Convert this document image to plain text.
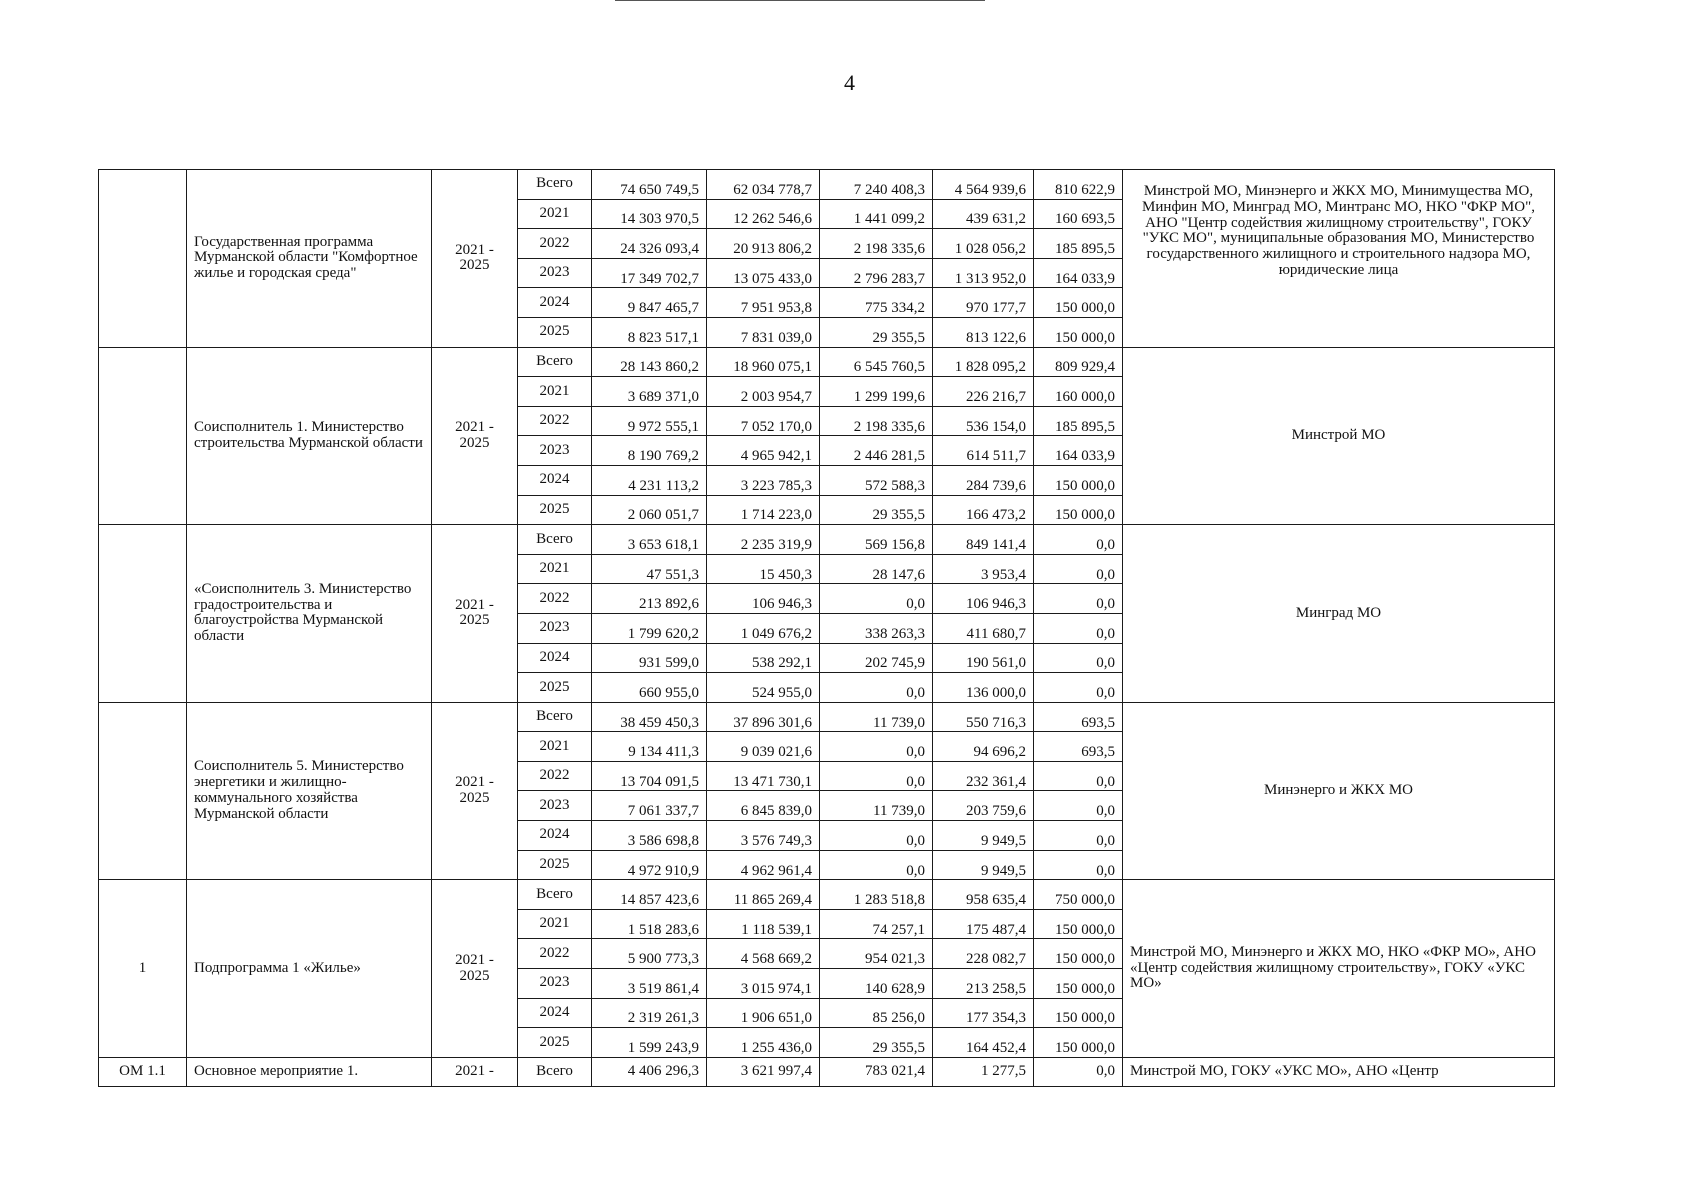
4
	Государственная программа Мурманской области "Комфортное жилье и городская среда"	2021 - 2025	Всего	74 650 749,5	62 034 778,7	7 240 408,3	4 564 939,6	810 622,9	Минстрой МО, Минэнерго и ЖКХ МО, Минимущества МО, Минфин МО, Минград МО, Минтранс МО, НКО "ФКР МО", АНО "Центр содействия жилищному строительству", ГОКУ "УКС МО", муниципальные образования МО, Министерство государственного жилищного и строительного надзора МО, юридические лица
			2021	14 303 970,5	12 262 546,6	1 441 099,2	439 631,2	160 693,5	
			2022	24 326 093,4	20 913 806,2	2 198 335,6	1 028 056,2	185 895,5	
			2023	17 349 702,7	13 075 433,0	2 796 283,7	1 313 952,0	164 033,9	
			2024	9 847 465,7	7 951 953,8	775 334,2	970 177,7	150 000,0	
			2025	8 823 517,1	7 831 039,0	29 355,5	813 122,6	150 000,0	
	Соисполнитель 1. Министерство строительства Мурманской области	2021 - 2025	Всего	28 143 860,2	18 960 075,1	6 545 760,5	1 828 095,2	809 929,4	Минстрой МО
			2021	3 689 371,0	2 003 954,7	1 299 199,6	226 216,7	160 000,0	
			2022	9 972 555,1	7 052 170,0	2 198 335,6	536 154,0	185 895,5	
			2023	8 190 769,2	4 965 942,1	2 446 281,5	614 511,7	164 033,9	
			2024	4 231 113,2	3 223 785,3	572 588,3	284 739,6	150 000,0	
			2025	2 060 051,7	1 714 223,0	29 355,5	166 473,2	150 000,0	
	«Соисполнитель 3. Министерство градостроительства и благоустройства Мурманской области	2021 - 2025	Всего	3 653 618,1	2 235 319,9	569 156,8	849 141,4	0,0	Минград МО
			2021	47 551,3	15 450,3	28 147,6	3 953,4	0,0	
			2022	213 892,6	106 946,3	0,0	106 946,3	0,0	
			2023	1 799 620,2	1 049 676,2	338 263,3	411 680,7	0,0	
			2024	931 599,0	538 292,1	202 745,9	190 561,0	0,0	
			2025	660 955,0	524 955,0	0,0	136 000,0	0,0	
	Соисполнитель 5. Министерство энергетики и жилищно-коммунального хозяйства Мурманской области	2021 - 2025	Всего	38 459 450,3	37 896 301,6	11 739,0	550 716,3	693,5	Минэнерго и ЖКХ МО
			2021	9 134 411,3	9 039 021,6	0,0	94 696,2	693,5	
			2022	13 704 091,5	13 471 730,1	0,0	232 361,4	0,0	
			2023	7 061 337,7	6 845 839,0	11 739,0	203 759,6	0,0	
			2024	3 586 698,8	3 576 749,3	0,0	9 949,5	0,0	
			2025	4 972 910,9	4 962 961,4	0,0	9 949,5	0,0	
1	Подпрограмма 1 «Жилье»	2021 - 2025	Всего	14 857 423,6	11 865 269,4	1 283 518,8	958 635,4	750 000,0	Минстрой МО, Минэнерго и ЖКХ МО, НКО «ФКР МО», АНО «Центр содействия жилищному строительству», ГОКУ «УКС МО»
			2021	1 518 283,6	1 118 539,1	74 257,1	175 487,4	150 000,0	
			2022	5 900 773,3	4 568 669,2	954 021,3	228 082,7	150 000,0	
			2023	3 519 861,4	3 015 974,1	140 628,9	213 258,5	150 000,0	
			2024	2 319 261,3	1 906 651,0	85 256,0	177 354,3	150 000,0	
			2025	1 599 243,9	1 255 436,0	29 355,5	164 452,4	150 000,0	
ОМ 1.1	Основное мероприятие 1.	2021 -	Всего	4 406 296,3	3 621 997,4	783 021,4	1 277,5	0,0	Минстрой МО, ГОКУ «УКС МО», АНО «Центр
